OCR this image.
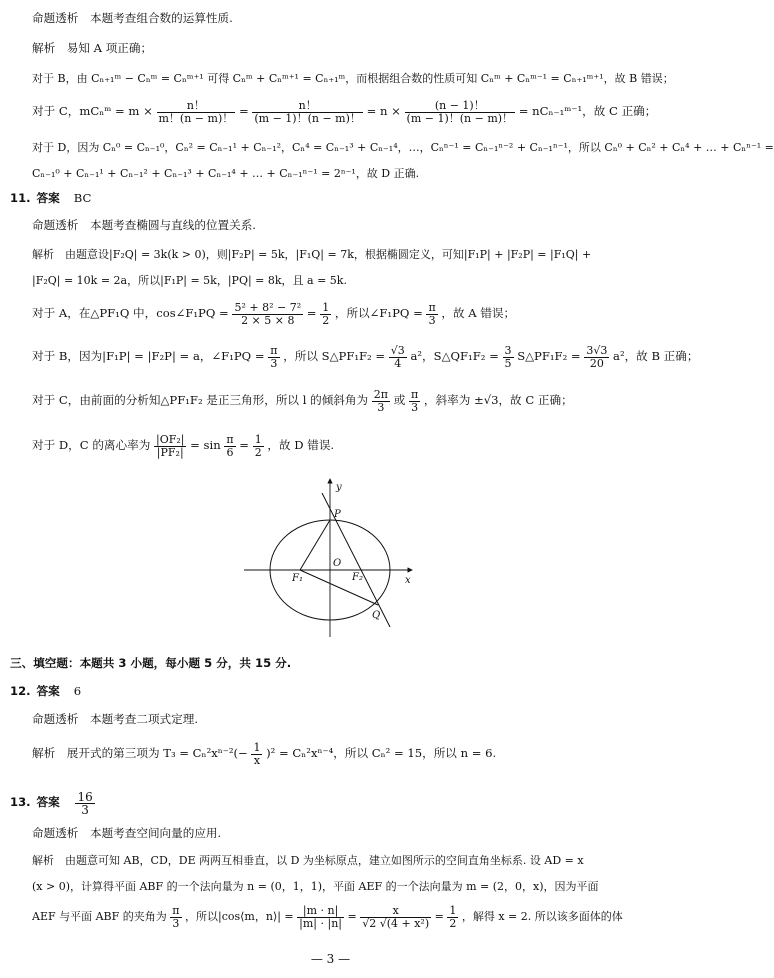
命题透析　本题考查组合数的运算性质.
解析　易知 A 项正确；
对于 B，由 Cₙ₊₁ᵐ − Cₙᵐ = Cₙᵐ⁺¹ 可得 Cₙᵐ + Cₙᵐ⁺¹ = Cₙ₊₁ᵐ，而根据组合数的性质可知 Cₙᵐ + Cₙᵐ⁻¹ = Cₙ₊₁ᵐ⁺¹，故 B 错误；
对于 C，mCₙᵐ = $m \times \frac{n!}{m!(n - m)!} = \frac{n!}{(m - 1)!(n - m)!} = n \times \frac{(n - 1)!}{(m - 1)!(n - m)!}$ = nCₙ₋₁ᵐ⁻¹，故 C 正确；
对于 D，因为 Cₙ⁰ = Cₙ₋₁⁰，Cₙ² = Cₙ₋₁¹ + Cₙ₋₁²，Cₙ⁴ = Cₙ₋₁³ + Cₙ₋₁⁴，…，Cₙⁿ⁻¹ = Cₙ₋₁ⁿ⁻² + Cₙ₋₁ⁿ⁻¹，所以 Cₙ⁰ + Cₙ² + Cₙ⁴ + … + Cₙⁿ⁻¹ =
Cₙ₋₁⁰ + Cₙ₋₁¹ + Cₙ₋₁² + Cₙ₋₁³ + Cₙ₋₁⁴ + … + Cₙ₋₁ⁿ⁻¹ = 2ⁿ⁻¹，故 D 正确.
11. 答案 BC
命题透析　本题考查椭圆与直线的位置关系.
解析　由题意设|F₂Q| = 3k(k > 0)，则|F₂P| = 5k，|F₁Q| = 7k，根据椭圆定义，可知|F₁P| + |F₂P| = |F₁Q| +
|F₂Q| = 10k = 2a，所以|F₁P| = 5k，|PQ| = 8k，且 a = 5k.
对于 A，在△PF₁Q 中，cos∠F₁PQ = $\frac{\text{5² + 8² − 7²}}{2 \times 5 \times 8} = \frac{1}{2}$ ，所以∠F₁PQ = $\frac{\pi}{3}$ ，故 A 错误；
对于 B，因为|F₁P| = |F₂P| = a，∠F₁PQ = $\frac{\pi}{3}$ ，所以 S△PF₁F₂ = $\frac{√3}{4} a^2$，S△QF₁F₂ = $\frac{3}{5}$ S△PF₁F₂ = $\frac{3√3}{20} a^2$，故 B 正确；
对于 C，由前面的分析知△PF₁F₂ 是正三角形，所以 l 的倾斜角为 $\frac{2\pi}{3}$ 或 $\frac{\pi}{3}$ ，斜率为 ±√3，故 C 正确；
对于 D，C 的离心率为 $\frac{\text{|OF₂|}}{\text{|PF₂|}} = \sin \frac{\pi}{6} = \frac{1}{2}$ ，故 D 错误.
y
x
P
O
F₁	F₂
Q
三、填空题：本题共 3 小题，每小题 5 分，共 15 分.
12. 答案 6
命题透析　本题考查二项式定理.
解析　展开式的第三项为 $T_3 = C_n^2x^{n-2}(- \frac{1}{x} )^2 = C_n^2x^{n-4}$，所以 Cₙ² = 15，所以 n = 6.
13. 答案 $\frac{16}{3}$
命题透析　本题考查空间向量的应用.
解析　由题意可知 AB，CD，DE 两两互相垂直，以 D 为坐标原点，建立如图所示的空间直角坐标系. 设 AD = x
(x > 0)，计算得平面 ABF 的一个法向量为 n = (0，1，1)，平面 AEF 的一个法向量为 m = (2，0，x)，因为平面
AEF 与平面 ABF 的夹角为 $\frac{\pi}{3}$ ，所以|cos⟨m，n⟩| = $\frac{|m \cdot n|}{|m| \cdot |n|} = \frac{x}{\text{√2 √(4 + x²)}} = \frac{1}{2}$ ，解得 x = 2. 所以该多面体的体
— 3 —
